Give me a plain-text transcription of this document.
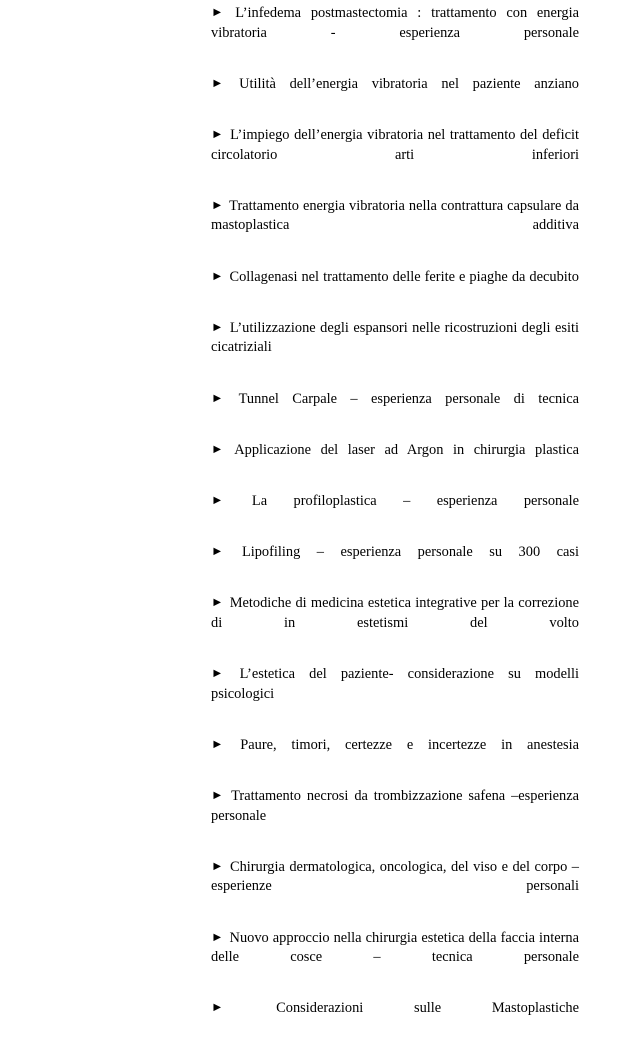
► L’infedema postmastectomia : trattamento con energia vibratoria - esperienza personale

► Utilità dell’energia vibratoria nel paziente anziano

► L’impiego dell’energia vibratoria nel trattamento del deficit circolatorio arti inferiori

► Trattamento energia vibratoria nella contrattura capsulare da mastoplastica additiva

► Collagenasi nel trattamento delle ferite e piaghe da decubito

► L’utilizzazione degli espansori nelle ricostruzioni degli esiti cicatriziali

► Tunnel Carpale – esperienza personale di tecnica

► Applicazione del laser ad Argon in chirurgia plastica

► La profiloplastica – esperienza personale

► Lipofiling – esperienza personale su 300 casi

► Metodiche di medicina estetica integrative per la correzione di in estetismi del volto

► L’estetica del paziente- considerazione su modelli psicologici

► Paure, timori, certezze e incertezze in anestesia

► Trattamento necrosi da trombizzazione safena –esperienza personale

► Chirurgia dermatologica, oncologica, del viso e del corpo – esperienze personali

► Nuovo approccio nella chirurgia estetica della faccia interna delle cosce – tecnica personale

►	Considerazioni sulle Mastoplastiche
